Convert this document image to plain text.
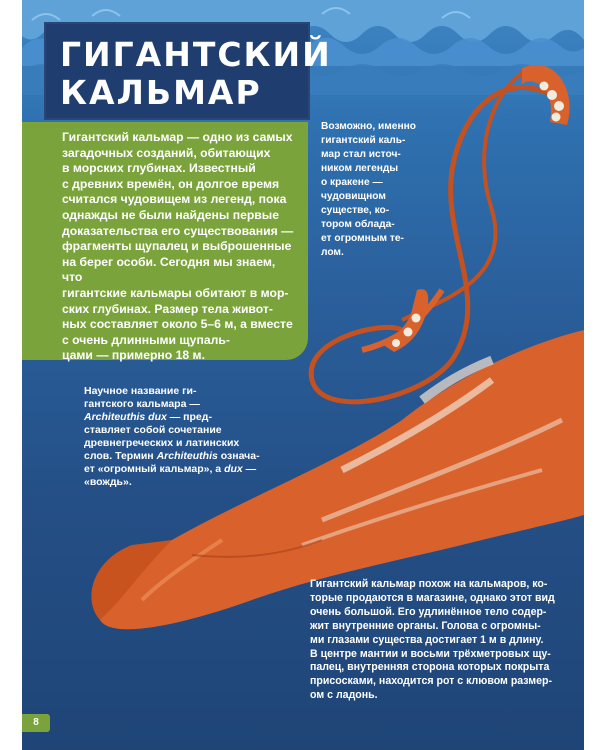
ГИГАНТСКИЙ
КАЛЬМАР

Гигантский кальмар — одно из самых
загадочных созданий, обитающих
в морских глубинах. Известный
с древних времён, он долгое время
считался чудовищем из легенд, пока
однажды не были найдены первые
доказательства его существования —
фрагменты щупалец и выброшенные
на берег особи. Сегодня мы знаем, что
гигантские кальмары обитают в мор-
ских глубинах. Размер тела живот-
ных составляет около 5–6 м, а вместе
с очень длинными щупаль-
цами — примерно 18 м.

Возможно, именно
гигантский каль-
мар стал источ-
ником легенды
о кракене —
чудовищном
существе, ко-
тором облада-
ет огромным те-
лом.

Научное название ги-
гантского кальмара —
Architeuthis dux — пред-
ставляет собой сочетание
древнегреческих и латинских
слов. Термин Architeuthis означа-
ет «огромный кальмар», а dux —
«вождь».

Гигантский кальмар похож на кальмаров, ко-
торые продаются в магазине, однако этот вид
очень большой. Его удлинённое тело содер-
жит внутренние органы. Голова с огромны-
ми глазами существа достигает 1 м в длину.
В центре мантии и восьми трёхметровых щу-
палец, внутренняя сторона которых покрыта
присосками, находится рот с клювом размер-
ом с ладонь.

8
